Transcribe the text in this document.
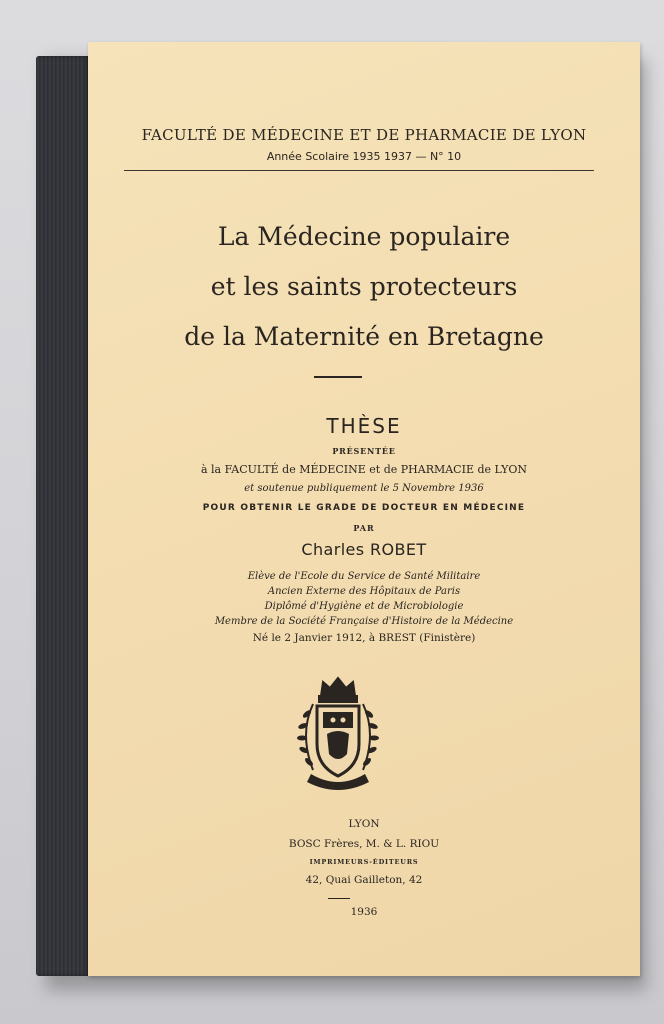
FACULTÉ DE MÉDECINE ET DE PHARMACIE DE LYON
Année Scolaire 1935 1937 — N° 10
La Médecine populaire
et les saints protecteurs
de la Maternité en Bretagne
THÈSE
PRÉSENTÉE
à la FACULTÉ de MÉDECINE et de PHARMACIE de LYON
et soutenue publiquement le 5 Novembre 1936
POUR OBTENIR LE GRADE DE DOCTEUR EN MÉDECINE
PAR
Charles ROBET
Elève de l'Ecole du Service de Santé Militaire
Ancien Externe des Hôpitaux de Paris
Diplômé d'Hygiène et de Microbiologie
Membre de la Société Française d'Histoire de la Médecine
Né le 2 Janvier 1912, à BREST (Finistère)
LYON
BOSC Frères, M. & L. RIOU
IMPRIMEURS-ÉDITEURS
42, Quai Gailleton, 42
1936
